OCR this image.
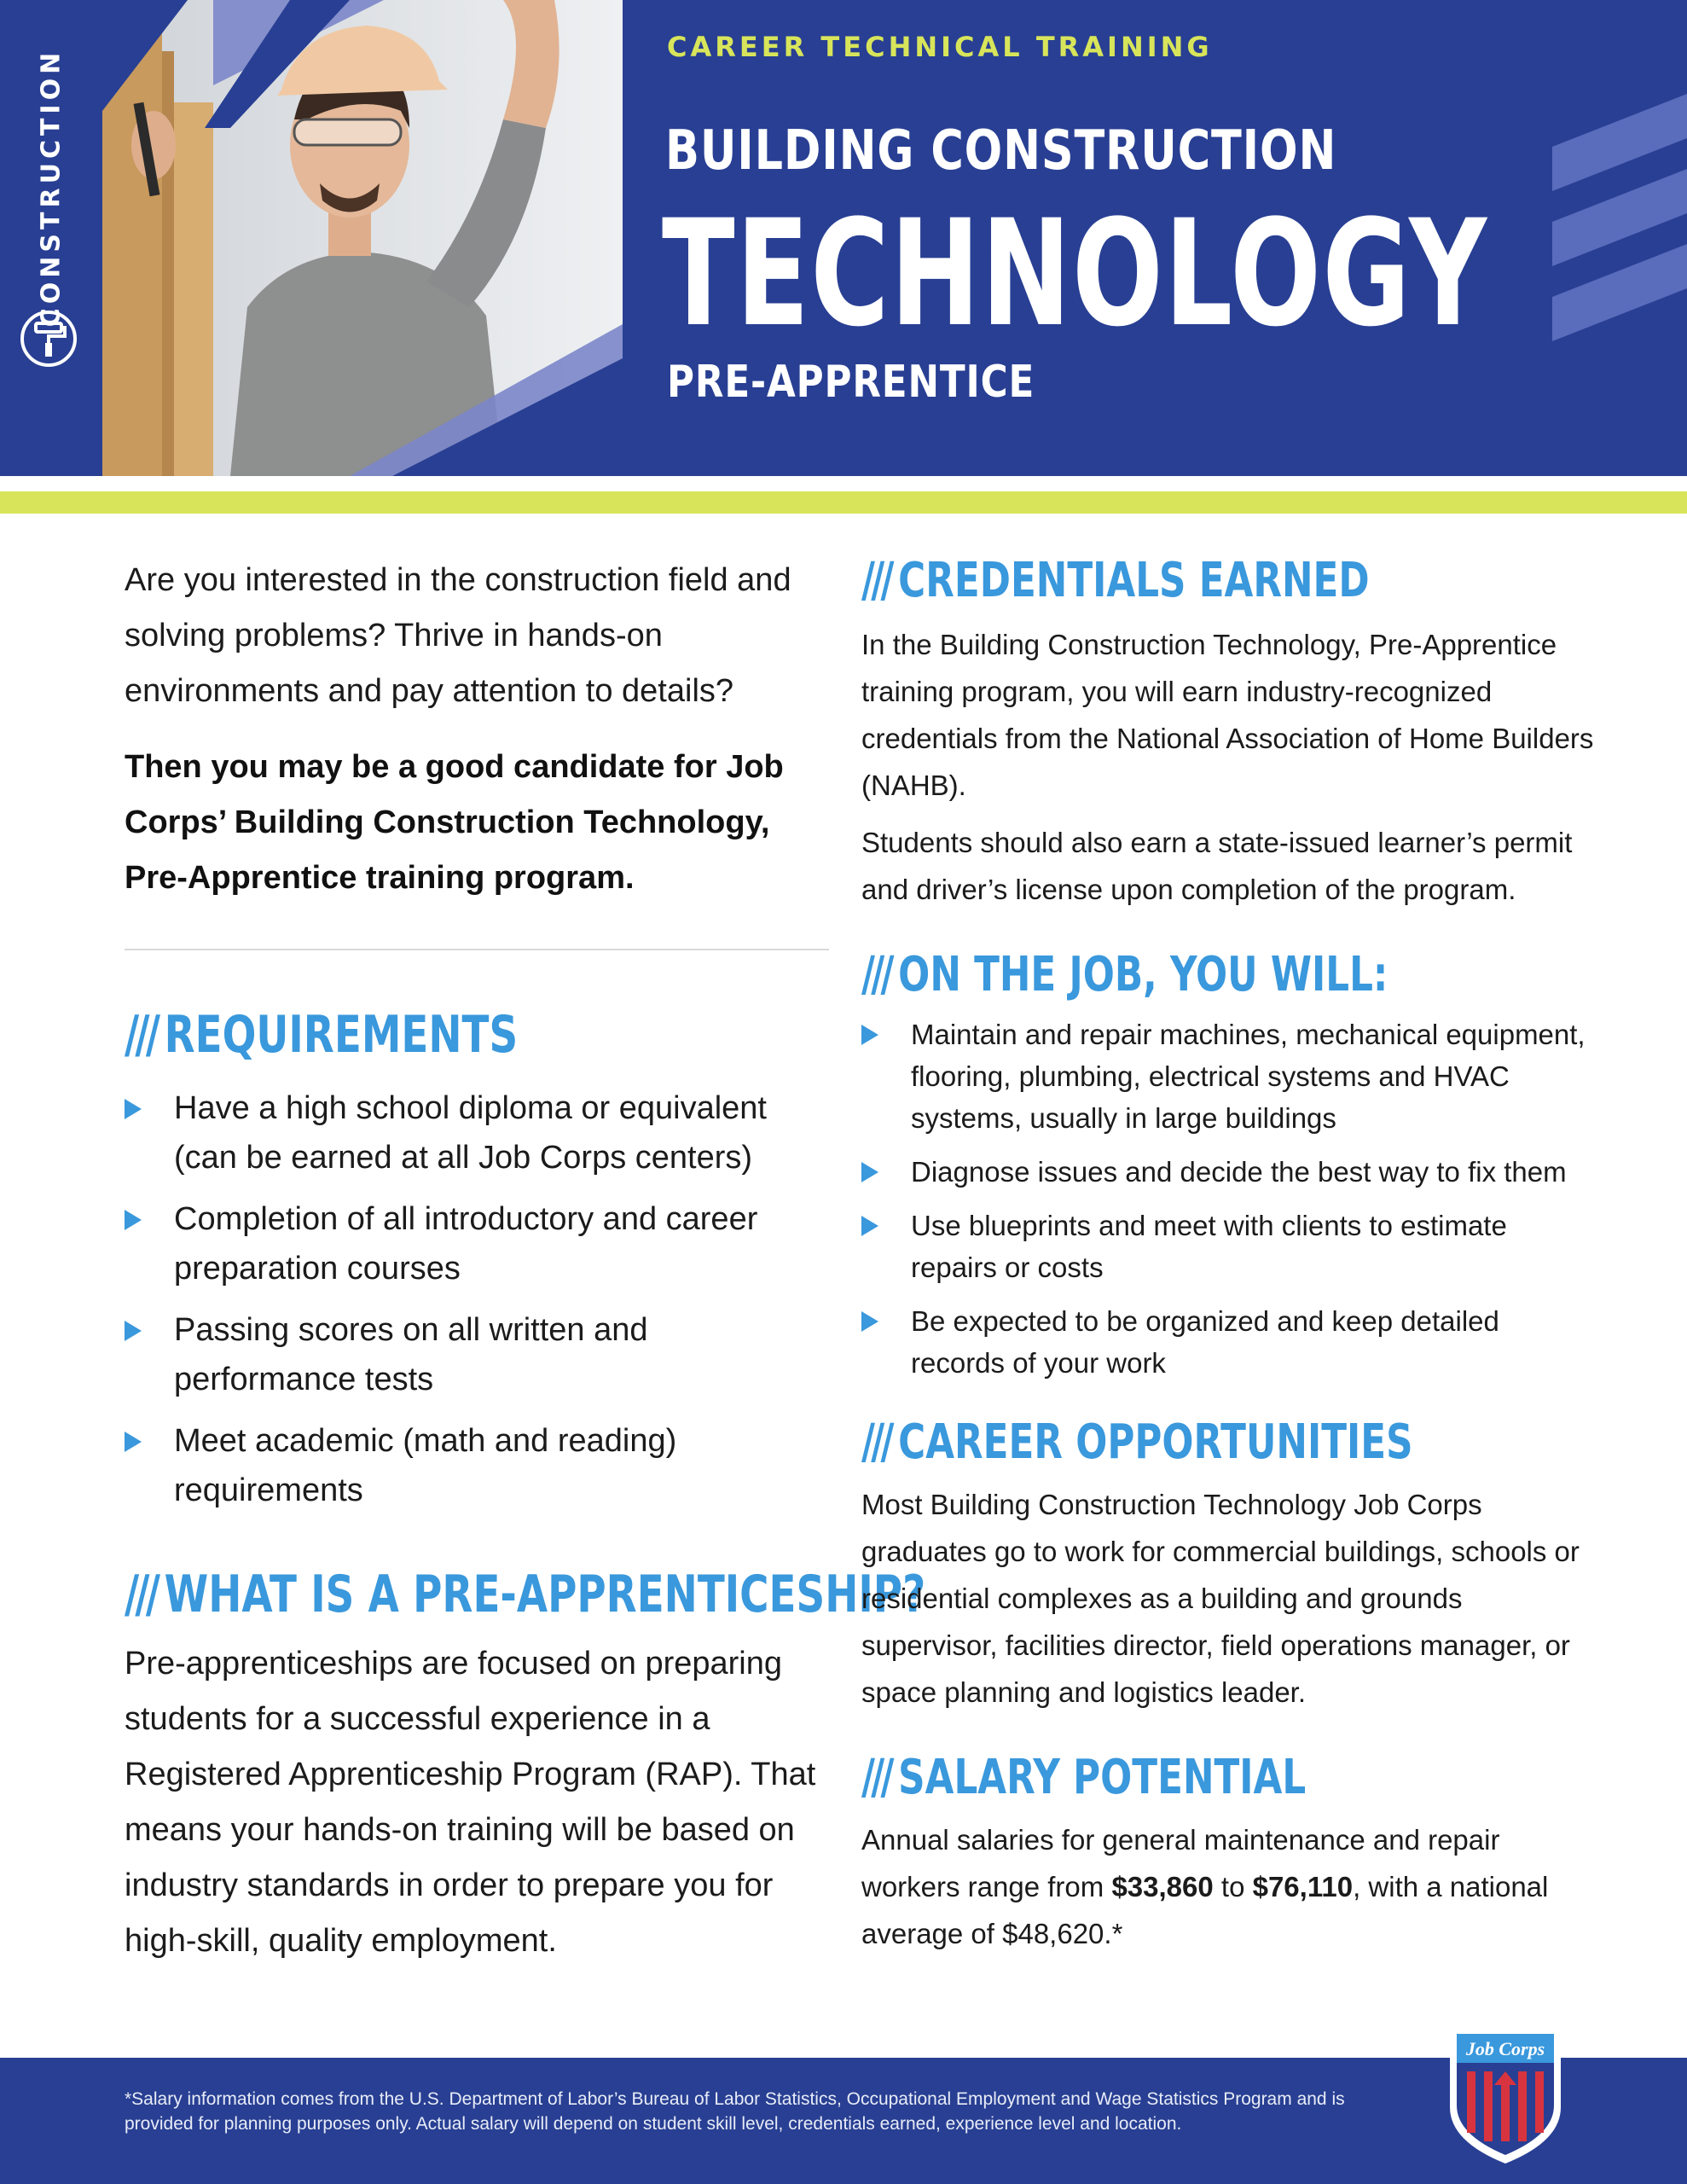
CONSTRUCTION
CAREER TECHNICAL TRAINING
BUILDING CONSTRUCTION
TECHNOLOGY
PRE-APPRENTICE

Are you interested in the construction field and solving problems? Thrive in hands-on environments and pay attention to details?

Then you may be a good candidate for Job Corps’ Building Construction Technology, Pre-Apprentice training program.

/// REQUIREMENTS
Have a high school diploma or equivalent (can be earned at all Job Corps centers)
Completion of all introductory and career preparation courses
Passing scores on all written and performance tests
Meet academic (math and reading) requirements
/// WHAT IS A PRE-APPRENTICESHIP?

Pre-apprenticeships are focused on preparing students for a successful experience in a Registered Apprenticeship Program (RAP). That means your hands-on training will be based on industry standards in order to prepare you for high-skill, quality employment.

/// CREDENTIALS EARNED

In the Building Construction Technology, Pre-Apprentice training program, you will earn industry-recognized credentials from the National Association of Home Builders (NAHB).

Students should also earn a state-issued learner’s permit and driver’s license upon completion of the program.

/// ON THE JOB, YOU WILL:
Maintain and repair machines, mechanical equipment, flooring, plumbing, electrical systems and HVAC systems, usually in large buildings
Diagnose issues and decide the best way to fix them
Use blueprints and meet with clients to estimate repairs or costs
Be expected to be organized and keep detailed records of your work
/// CAREER OPPORTUNITIES

Most Building Construction Technology Job Corps graduates go to work for commercial buildings, schools or residential complexes as a building and grounds supervisor, facilities director, field operations manager, or space planning and logistics leader.

/// SALARY POTENTIAL

Annual salaries for general maintenance and repair workers range from $33,860 to $76,110, with a national average of $48,620.*

*Salary information comes from the U.S. Department of Labor’s Bureau of Labor Statistics, Occupational Employment and Wage Statistics Program and is provided for planning purposes only. Actual salary will depend on student skill level, credentials earned, experience level and location.
Job Corps
